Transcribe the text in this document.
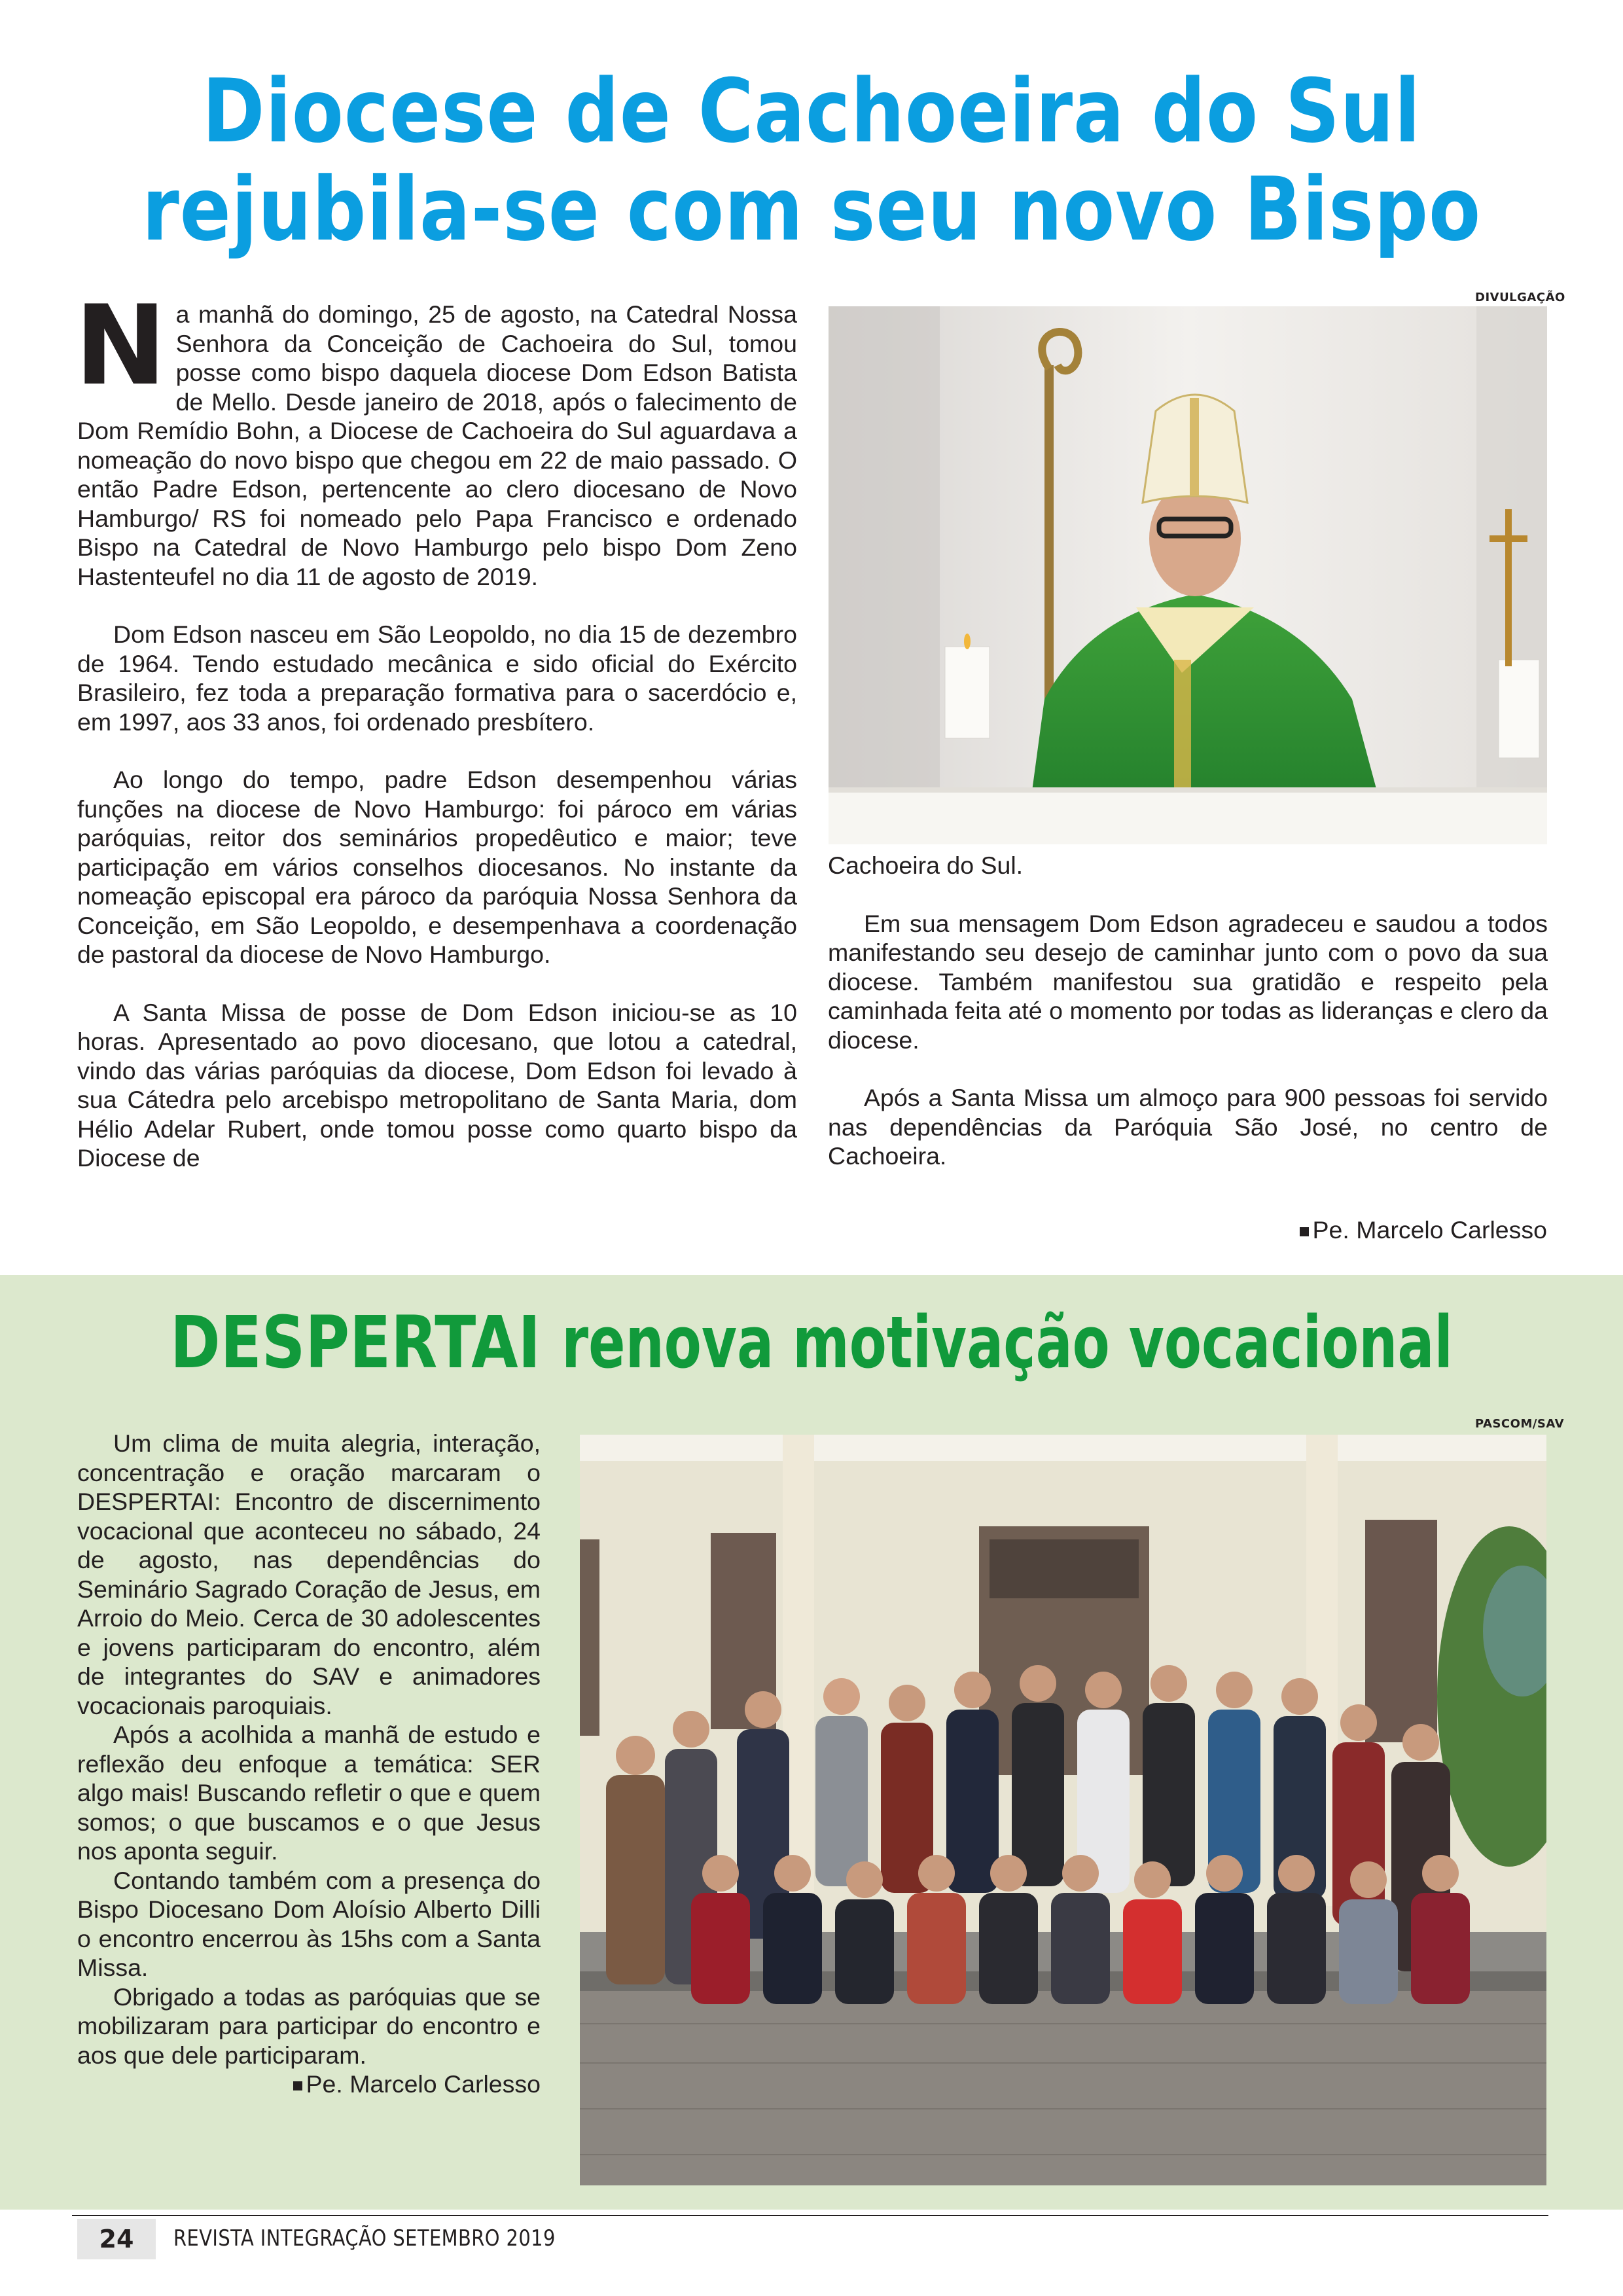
Diocese de Cachoeira do Sul
rejubila-se com seu novo Bispo
DIVULGAÇÃO

Na manhã do domingo, 25 de agosto, na Catedral Nossa Senhora da Conceição de Cachoeira do Sul, tomou posse como bispo daquela diocese Dom Edson Batista de Mello. Desde janeiro de 2018, após o falecimento de Dom Remídio Bohn, a Diocese de Cachoeira do Sul aguardava a nomeação do novo bispo que chegou em 22 de maio passado. O então Padre Edson, pertencente ao clero diocesano de Novo Hamburgo/ RS foi nomeado pelo Papa Francisco e ordenado Bispo na Catedral de Novo Hamburgo pelo bispo Dom Zeno Hastenteufel no dia 11 de agosto de 2019.

Dom Edson nasceu em São Leopoldo, no dia 15 de dezembro de 1964. Tendo estudado mecânica e sido oficial do Exército Brasileiro, fez toda a preparação formativa para o sacerdócio e, em 1997, aos 33 anos, foi ordenado presbítero.

Ao longo do tempo, padre Edson desempenhou várias funções na diocese de Novo Hamburgo: foi pároco em várias paróquias, reitor dos seminários propedêutico e maior; teve participação em vários conselhos diocesanos. No instante da nomeação episcopal era pároco da paróquia Nossa Senhora da Conceição, em São Leopoldo, e desempenhava a coordenação de pastoral da diocese de Novo Hamburgo.

A Santa Missa de posse de Dom Edson iniciou-se as 10 horas. Apresentado ao povo diocesano, que lotou a catedral, vindo das várias paróquias da diocese, Dom Edson foi levado à sua Cátedra pelo arcebispo metropolitano de Santa Maria, dom Hélio Adelar Rubert, onde tomou posse como quarto bispo da Diocese de

Cachoeira do Sul.

Em sua mensagem Dom Edson agradeceu e saudou a todos manifestando seu desejo de caminhar junto com o povo da sua diocese. Também manifestou sua gratidão e respeito pela caminhada feita até o momento por todas as lideranças e clero da diocese.

Após a Santa Missa um almoço para 900 pessoas foi servido nas dependências da Paróquia São José, no centro de Cachoeira.

Pe. Marcelo Carlesso
DESPERTAI renova motivação vocacional
PASCOM/SAV

Um clima de muita alegria, interação, concentração e oração marcaram o DESPERTAI: Encontro de discernimento vocacional que aconteceu no sábado, 24 de agosto, nas dependências do Seminário Sagrado Coração de Jesus, em Arroio do Meio. Cerca de 30 adolescentes e jovens participaram do encontro, além de integrantes do SAV e animadores vocacionais paroquiais.

Após a acolhida a manhã de estudo e reflexão deu enfoque a temática: SER algo mais! Buscando refletir o que e quem somos; o que buscamos e o que Jesus nos aponta seguir.

Contando também com a presença do Bispo Diocesano Dom Aloísio Alberto Dilli o encontro encerrou às 15hs com a Santa Missa.

Obrigado a todas as paróquias que se mobilizaram para participar do encontro e aos que dele participaram.

Pe. Marcelo Carlesso
24	REVISTA INTEGRAÇÃO SETEMBRO 2019
